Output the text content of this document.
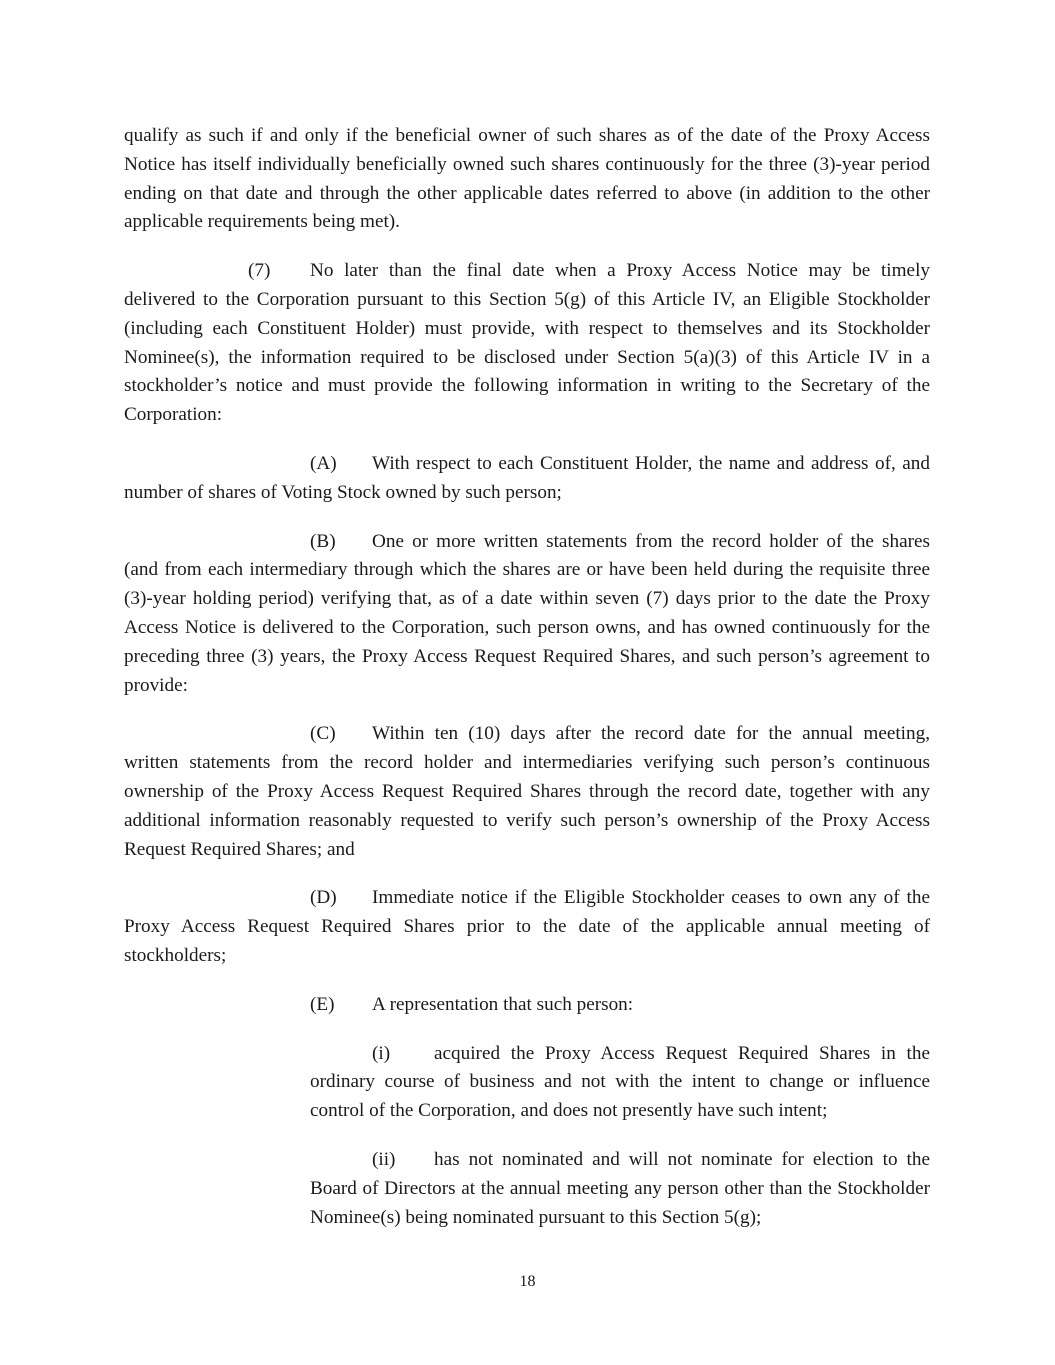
qualify as such if and only if the beneficial owner of such shares as of the date of the Proxy Access Notice has itself individually beneficially owned such shares continuously for the three (3)-year period ending on that date and through the other applicable dates referred to above (in addition to the other applicable requirements being met).

(7) No later than the final date when a Proxy Access Notice may be timely delivered to the Corporation pursuant to this Section 5(g) of this Article IV, an Eligible Stockholder (including each Constituent Holder) must provide, with respect to themselves and its Stockholder Nominee(s), the information required to be disclosed under Section 5(a)(3) of this Article IV in a stockholder’s notice and must provide the following information in writing to the Secretary of the Corporation:

(A) With respect to each Constituent Holder, the name and address of, and number of shares of Voting Stock owned by such person;

(B) One or more written statements from the record holder of the shares (and from each intermediary through which the shares are or have been held during the requisite three (3)-year holding period) verifying that, as of a date within seven (7) days prior to the date the Proxy Access Notice is delivered to the Corporation, such person owns, and has owned continuously for the preceding three (3) years, the Proxy Access Request Required Shares, and such person’s agreement to provide:

(C) Within ten (10) days after the record date for the annual meeting, written statements from the record holder and intermediaries verifying such person’s continuous ownership of the Proxy Access Request Required Shares through the record date, together with any additional information reasonably requested to verify such person’s ownership of the Proxy Access Request Required Shares; and

(D) Immediate notice if the Eligible Stockholder ceases to own any of the Proxy Access Request Required Shares prior to the date of the applicable annual meeting of stockholders;

(E) A representation that such person:

(i) acquired the Proxy Access Request Required Shares in the ordinary course of business and not with the intent to change or influence control of the Corporation, and does not presently have such intent;

(ii) has not nominated and will not nominate for election to the Board of Directors at the annual meeting any person other than the Stockholder Nominee(s) being nominated pursuant to this Section 5(g);

18
